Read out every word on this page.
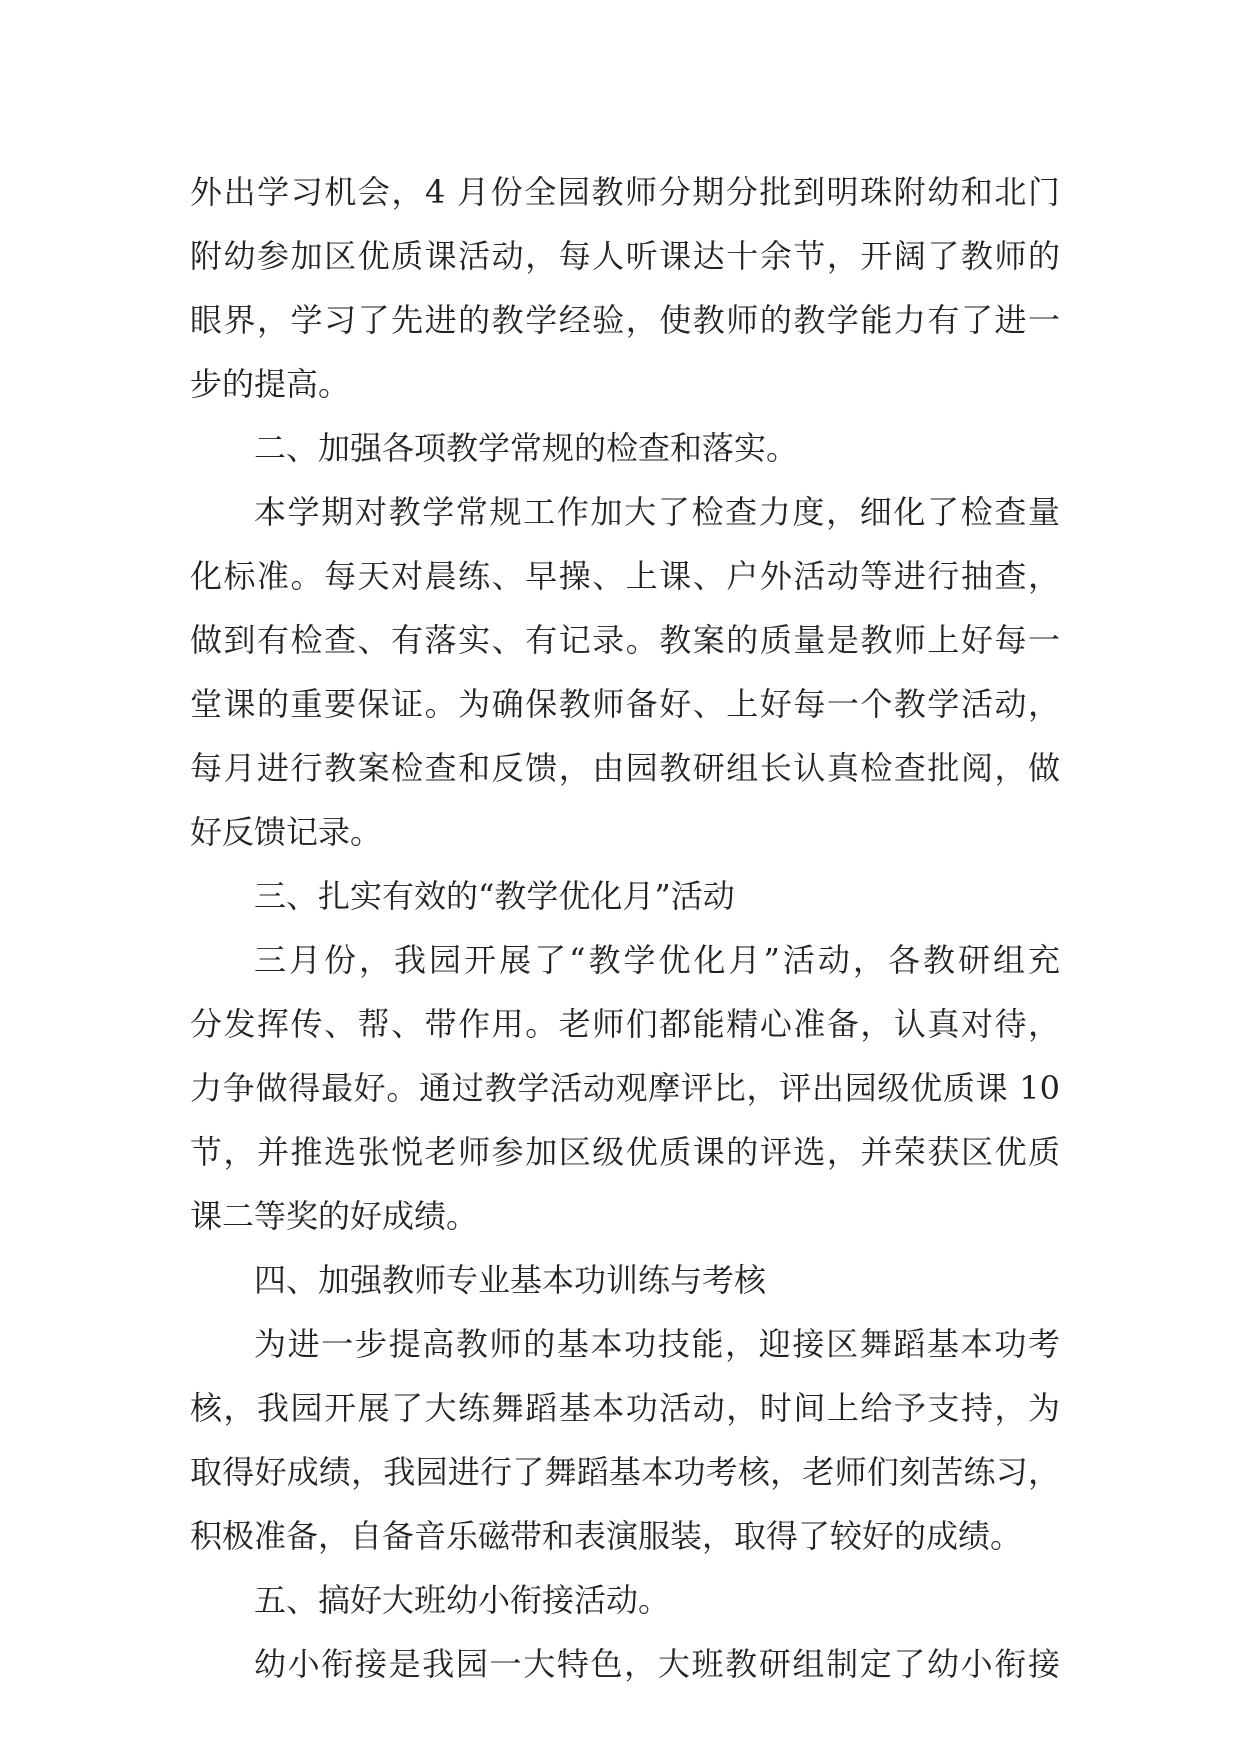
外出学习机会，4 月份全园教师分期分批到明珠附幼和北门
附幼参加区优质课活动，每人听课达十余节，开阔了教师的
眼界，学习了先进的教学经验，使教师的教学能力有了进一
步的提高。
二、加强各项教学常规的检查和落实。
本学期对教学常规工作加大了检查力度，细化了检查量
化标准。每天对晨练、早操、上课、户外活动等进行抽查，
做到有检查、有落实、有记录。教案的质量是教师上好每一
堂课的重要保证。为确保教师备好、上好每一个教学活动，
每月进行教案检查和反馈，由园教研组长认真检查批阅，做
好反馈记录。
三、扎实有效的“教学优化月”活动
三月份，我园开展了“教学优化月”活动，各教研组充
分发挥传、帮、带作用。老师们都能精心准备，认真对待，
力争做得最好。通过教学活动观摩评比，评出园级优质课 10
节，并推选张悦老师参加区级优质课的评选，并荣获区优质
课二等奖的好成绩。
四、加强教师专业基本功训练与考核
为进一步提高教师的基本功技能，迎接区舞蹈基本功考
核，我园开展了大练舞蹈基本功活动，时间上给予支持，为
取得好成绩，我园进行了舞蹈基本功考核，老师们刻苦练习，
积极准备，自备音乐磁带和表演服装，取得了较好的成绩。
五、搞好大班幼小衔接活动。
幼小衔接是我园一大特色，大班教研组制定了幼小衔接
